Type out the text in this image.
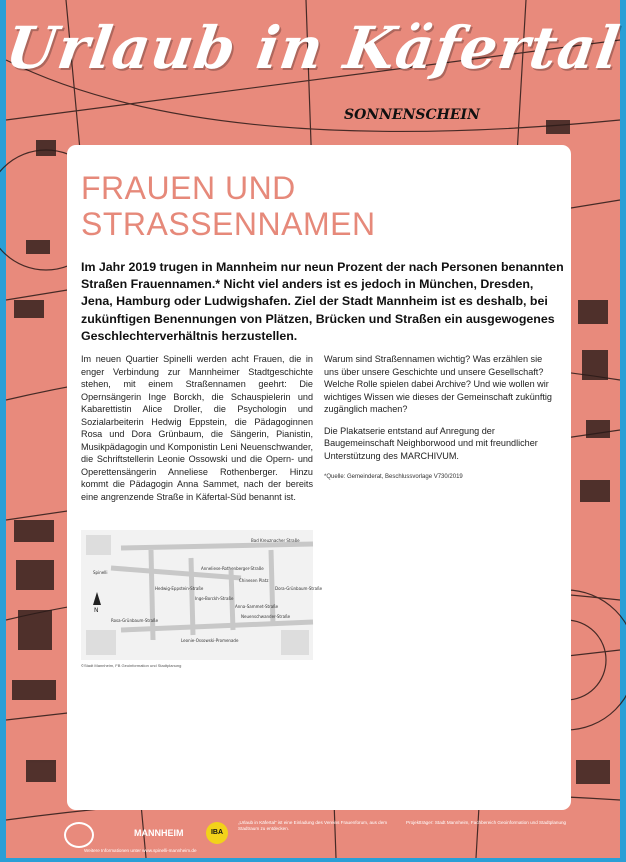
Urlaub in Käfertal
SONNENSCHEIN
FRAUEN UND
STRASSENNAMEN
Im Jahr 2019 trugen in Mannheim nur neun Prozent der nach Personen benannten Straßen Frauennamen.* Nicht viel anders ist es jedoch in München, Dresden, Jena, Hamburg oder Ludwigshafen. Ziel der Stadt Mannheim ist es deshalb, bei zukünftigen Benennungen von Plätzen, Brücken und Straßen ein ausgewogenes Geschlechterverhältnis herzustellen.

Im neuen Quartier Spinelli werden acht Frauen, die in enger Verbindung zur Mannheimer Stadtgeschichte stehen, mit einem Straßennamen geehrt: Die Opernsängerin Inge Borckh, die Schauspielerin und Kabarettistin Alice Droller, die Psychologin und Sozialarbeiterin Hedwig Eppstein, die Pädagoginnen Rosa und Dora Grünbaum, die Sängerin, Pianistin, Musikpädagogin und Komponistin Leni Neuenschwander, die Schriftstellerin Leonie Ossowski und die Opern- und Operettensängerin Anneliese Rothenberger. Hinzu kommt die Pädagogin Anna Sammet, nach der bereits eine angrenzende Straße in Käfertal-Süd benannt ist.

Warum sind Straßennamen wichtig? Was erzählen sie uns über unsere Geschichte und unsere Gesellschaft? Welche Rolle spielen dabei Archive? Und wie wollen wir wichtiges Wissen wie dieses der Gemeinschaft zukünftig zugänglich machen?

Die Plakatserie entstand auf Anregung der Baugemeinschaft Neighborwood und mit freundlicher Unterstützung des MARCHIVUM.

*Quelle: Gemeinderat, Beschlussvorlage V730/2019

Bad Kreuznacher Straße
Spinelli
Chinesen Platz
Leonie-Ossowski-Promenade
Hedwig-Eppstein-Straße
Inge-Borckh-Straße
Anna-Sammet-Straße
Rosa-Grünbaum-Straße
Dora-Grünbaum-Straße
Anneliese-Rothenberger-Straße
Neuenschwander-Straße
N
©Stadt Mannheim, FB Geoinformation und Stadtplanung
MANNHEIM	IBA
„Urlaub in Käfertal“ ist eine Einladung des Vereins Frauenforum, aus dem Stadtraum zu entdecken.
Projektträger: Stadt Mannheim, Fachbereich Geoinformation und Stadtplanung
Weitere Informationen unter www.spinelli-mannheim.de
